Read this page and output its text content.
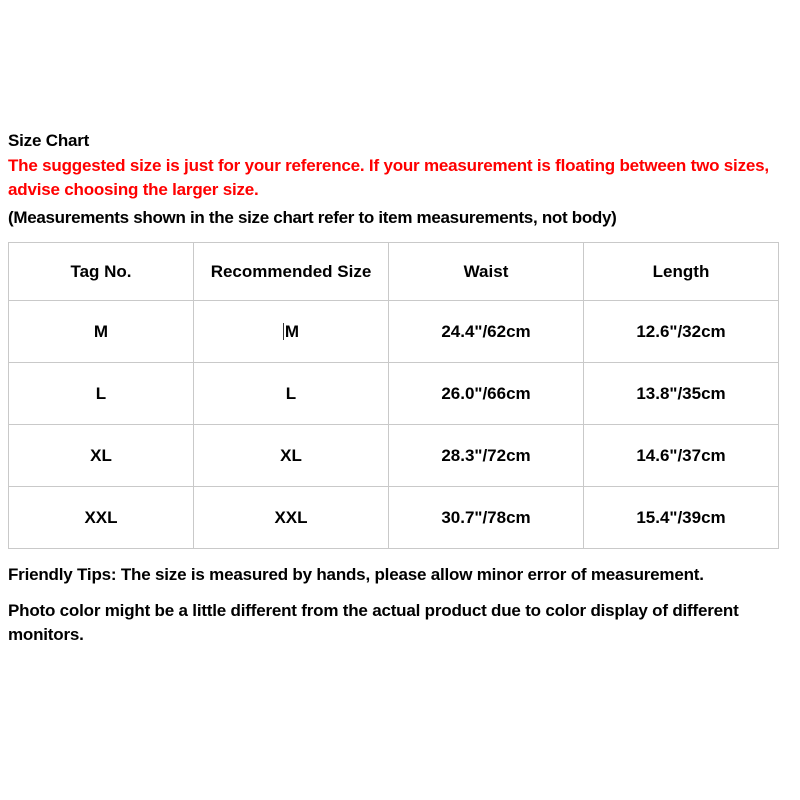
Size Chart
The suggested size is just for your reference. If your measurement is floating between two sizes, advise choosing the larger size.
(Measurements shown in the size chart refer to item measurements, not body)
Tag No.	Recommended Size	Waist	Length
M	M	24.4"/62cm	12.6"/32cm
L	L	26.0"/66cm	13.8"/35cm
XL	XL	28.3"/72cm	14.6"/37cm
XXL	XXL	30.7"/78cm	15.4"/39cm
Friendly Tips: The size is measured by hands, please allow minor error of measurement.
Photo color might be a little different from the actual product due to color display of different monitors.
